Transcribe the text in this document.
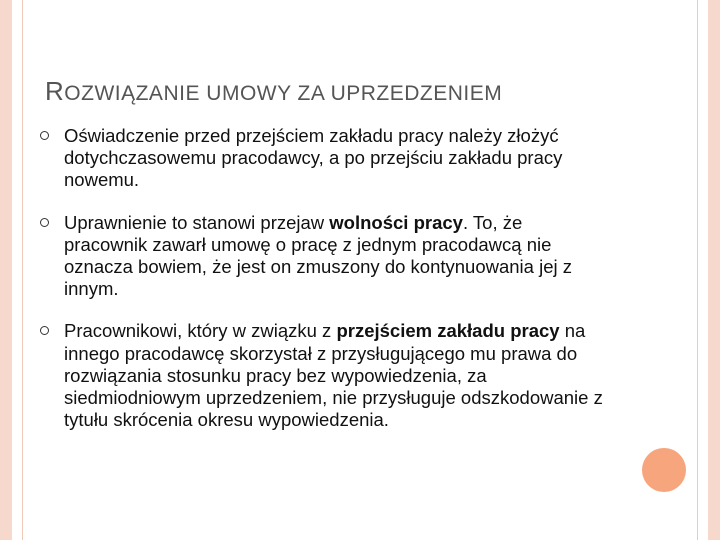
ROZWIĄZANIE UMOWY ZA UPRZEDZENIEM
Oświadczenie przed przejściem zakładu pracy należy złożyć dotychczasowemu pracodawcy, a po przejściu zakładu pracy nowemu.
Uprawnienie to stanowi przejaw wolności pracy. To, że pracownik zawarł umowę o pracę z jednym pracodawcą nie oznacza bowiem, że jest on zmuszony do kontynuowania jej z innym.
Pracownikowi, który w związku z przejściem zakładu pracy na innego pracodawcę skorzystał z przysługującego mu prawa do rozwiązania stosunku pracy bez wypowiedzenia, za siedmiodniowym uprzedzeniem, nie przysługuje odszkodowanie z tytułu skrócenia okresu wypowiedzenia.
